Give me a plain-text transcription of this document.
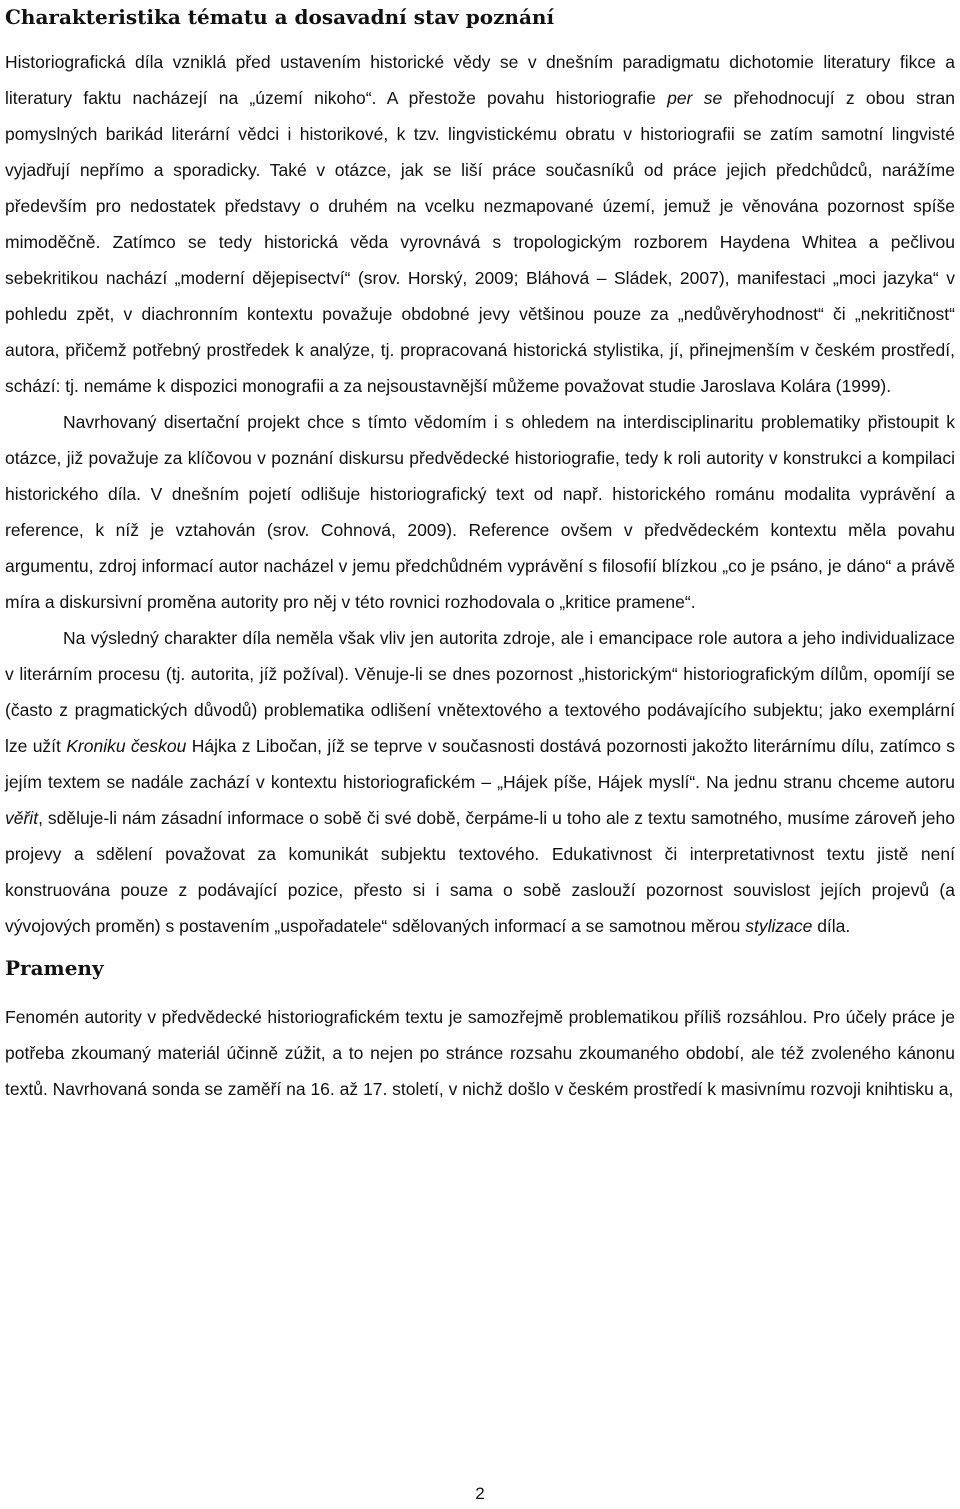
Charakteristika tématu a dosavadní stav poznání

Historiografická díla vzniklá před ustavením historické vědy se v dnešním paradigmatu dichotomie literatury fikce a literatury faktu nacházejí na „území nikoho“. A přestože povahu historiografie per se přehodnocují z obou stran pomyslných barikád literární vědci i historikové, k tzv. lingvistickému obratu v historiografii se zatím samotní lingvisté vyjadřují nepřímo a sporadicky. Také v otázce, jak se liší práce současníků od práce jejich předchůdců, narážíme především pro nedostatek představy o druhém na vcelku nezmapované území, jemuž je věnována pozornost spíše mimoděčně. Zatímco se tedy historická věda vyrovnává s tropologickým rozborem Haydena Whitea a pečlivou sebekritikou nachází „moderní dějepisectví“ (srov. Horský, 2009; Bláhová – Sládek, 2007), manifestaci „moci jazyka“ v pohledu zpět, v diachronním kontextu považuje obdobné jevy většinou pouze za „nedůvěryhodnost“ či „nekritičnost“ autora, přičemž potřebný prostředek k analýze, tj. propracovaná historická stylistika, jí, přinejmenším v českém prostředí, schází: tj. nemáme k dispozici monografii a za nejsoustavnější můžeme považovat studie Jaroslava Kolára (1999).

Navrhovaný disertační projekt chce s tímto vědomím i s ohledem na interdisciplinaritu problematiky přistoupit k otázce, již považuje za klíčovou v poznání diskursu předvědecké historiografie, tedy k roli autority v konstrukci a kompilaci historického díla. V dnešním pojetí odlišuje historiografický text od např. historického románu modalita vyprávění a reference, k níž je vztahován (srov. Cohnová, 2009). Reference ovšem v předvědeckém kontextu měla povahu argumentu, zdroj informací autor nacházel v jemu předchůdném vyprávění s filosofií blízkou „co je psáno, je dáno“ a právě míra a diskursivní proměna autority pro něj v této rovnici rozhodovala o „kritice pramene“.

Na výsledný charakter díla neměla však vliv jen autorita zdroje, ale i emancipace role autora a jeho individualizace v literárním procesu (tj. autorita, jíž požíval). Věnuje-li se dnes pozornost „historickým“ historiografickým dílům, opomíjí se (často z pragmatických důvodů) problematika odlišení vnětextového a textového podávajícího subjektu; jako exemplární lze užít Kroniku českou Hájka z Libočan, jíž se teprve v současnosti dostává pozornosti jakožto literárnímu dílu, zatímco s jejím textem se nadále zachází v kontextu historiografickém – „Hájek píše, Hájek myslí“. Na jednu stranu chceme autoru věřit, sděluje-li nám zásadní informace o sobě či své době, čerpáme-li u toho ale z textu samotného, musíme zároveň jeho projevy a sdělení považovat za komunikát subjektu textového. Edukativnost či interpretativnost textu jistě není konstruována pouze z podávající pozice, přesto si i sama o sobě zaslouží pozornost souvislost jejích projevů (a vývojových proměn) s postavením „uspořadatele“ sdělovaných informací a se samotnou měrou stylizace díla.

Prameny

Fenomén autority v předvědecké historiografickém textu je samozřejmě problematikou příliš rozsáhlou. Pro účely práce je potřeba zkoumaný materiál účinně zúžit, a to nejen po stránce rozsahu zkoumaného období, ale též zvoleného kánonu textů. Navrhovaná sonda se zaměří na 16. až 17. století, v nichž došlo v českém prostředí k masivnímu rozvoji knihtisku a,

2
